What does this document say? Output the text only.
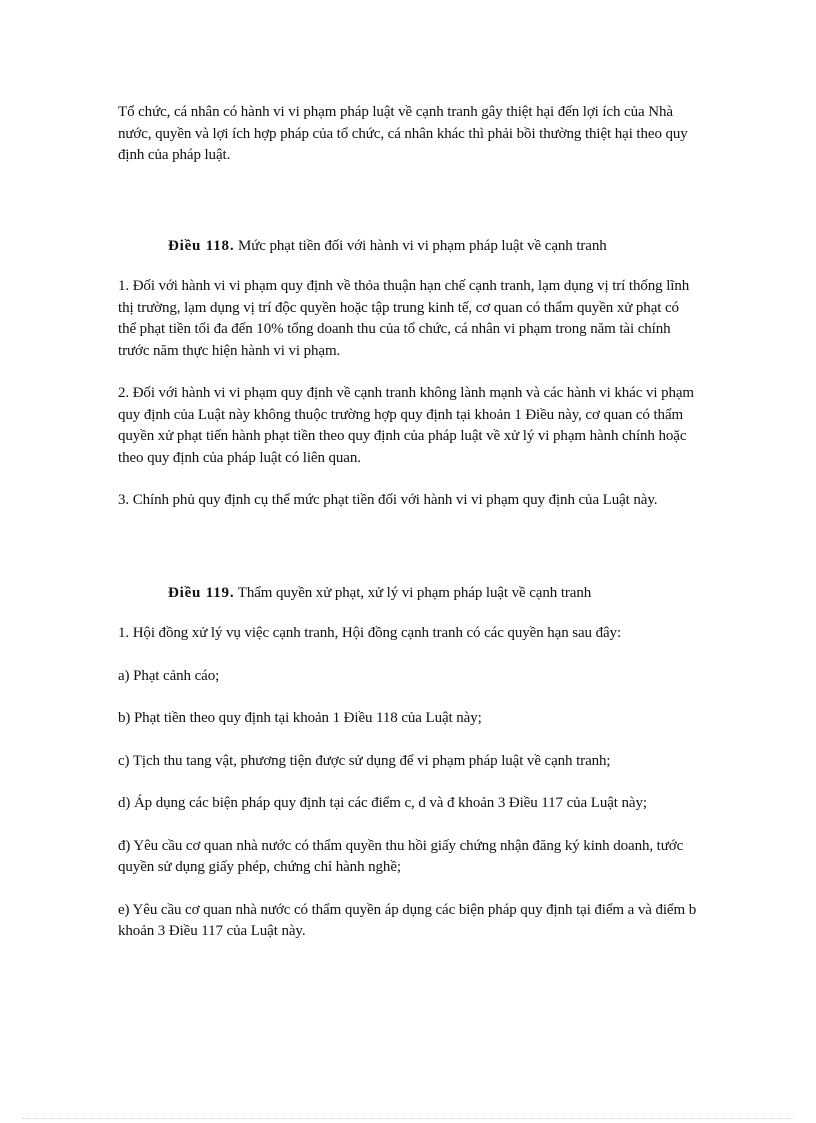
Tổ chức, cá nhân có hành vi vi phạm pháp luật về cạnh tranh gây thiệt hại đến lợi ích của Nhà nước, quyền và lợi ích hợp pháp của tổ chức, cá nhân khác thì phải bồi thường thiệt hại theo quy định của pháp luật.

Điều 118. Mức phạt tiền đối với hành vi vi phạm pháp luật về cạnh tranh

1. Đối với hành vi vi phạm quy định về thỏa thuận hạn chế cạnh tranh, lạm dụng vị trí thống lĩnh thị trường, lạm dụng vị trí độc quyền hoặc tập trung kinh tế, cơ quan có thẩm quyền xử phạt có thể phạt tiền tối đa đến 10% tổng doanh thu của tổ chức, cá nhân vi phạm trong năm tài chính trước năm thực hiện hành vi vi phạm.

2. Đối với hành vi vi phạm quy định về cạnh tranh không lành mạnh và các hành vi khác vi phạm quy định của Luật này không thuộc trường hợp quy định tại khoản 1 Điều này, cơ quan có thẩm quyền xử phạt tiến hành phạt tiền theo quy định của pháp luật về xử lý vi phạm hành chính hoặc theo quy định của pháp luật có liên quan.

3. Chính phủ quy định cụ thể mức phạt tiền đối với hành vi vi phạm quy định của Luật này.

Điều 119. Thẩm quyền xử phạt, xử lý vi phạm pháp luật về cạnh tranh

1. Hội đồng xử lý vụ việc cạnh tranh, Hội đồng cạnh tranh có các quyền hạn sau đây:

a) Phạt cảnh cáo;

b) Phạt tiền theo quy định tại khoản 1 Điều 118 của Luật này;

c) Tịch thu tang vật, phương tiện được sử dụng để vi phạm pháp luật về cạnh tranh;

d) Áp dụng các biện pháp quy định tại các điểm c, d và đ khoản 3 Điều 117 của Luật này;

đ) Yêu cầu cơ quan nhà nước có thẩm quyền thu hồi giấy chứng nhận đăng ký kinh doanh, tước quyền sử dụng giấy phép, chứng chỉ hành nghề;

e) Yêu cầu cơ quan nhà nước có thẩm quyền áp dụng các biện pháp quy định tại điểm a và điểm b khoản 3 Điều 117 của Luật này.
